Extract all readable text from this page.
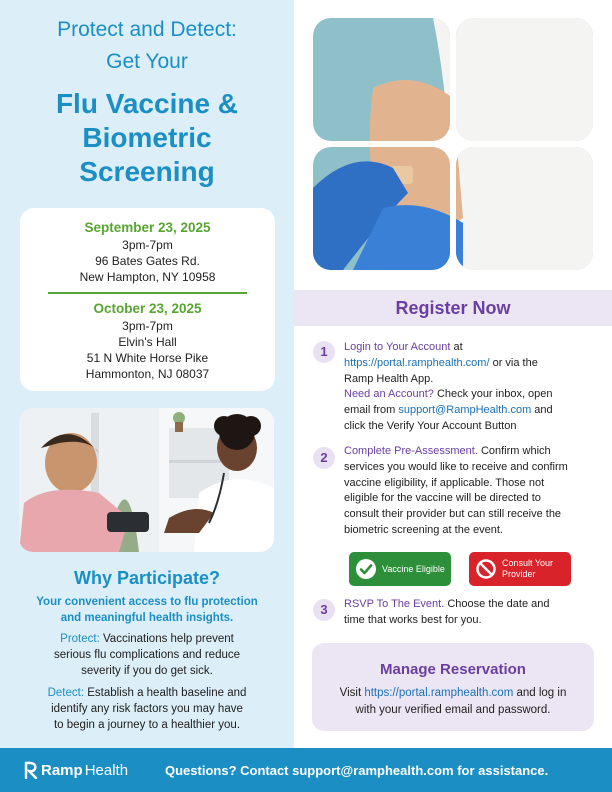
Protect and Detect:
Get Your
Flu Vaccine &
Biometric
Screening
September 23, 2025
3pm-7pm
96 Bates Gates Rd.
New Hampton, NY 10958
October 23, 2025
3pm-7pm
Elvin's Hall
51 N White Horse Pike
Hammonton, NJ 08037
Why Participate?
Your convenient access to flu protection
and meaningful health insights.
Protect: Vaccinations help prevent
serious flu complications and reduce
severity if you do get sick.
Detect: Establish a health baseline and
identify any risk factors you may have
to begin a journey to a healthier you.
Register Now
1	Login to Your Account at
https://portal.ramphealth.com/ or via the
Ramp Health App.
Need an Account? Check your inbox, open
email from support@RampHealth.com and
click the Verify Your Account Button
2	Complete Pre-Assessment. Confirm which
services you would like to receive and confirm
vaccine eligibility, if applicable. Those not
eligible for the vaccine will be directed to
consult their provider but can still receive the
biometric screening at the event.
Vaccine Eligible
Consult Your
Provider
3	RSVP To The Event. Choose the date and
time that works best for you.
Manage Reservation
Visit https://portal.ramphealth.com and log in
with your verified email and password.
Ramp Health	Questions? Contact support@ramphealth.com for assistance.
